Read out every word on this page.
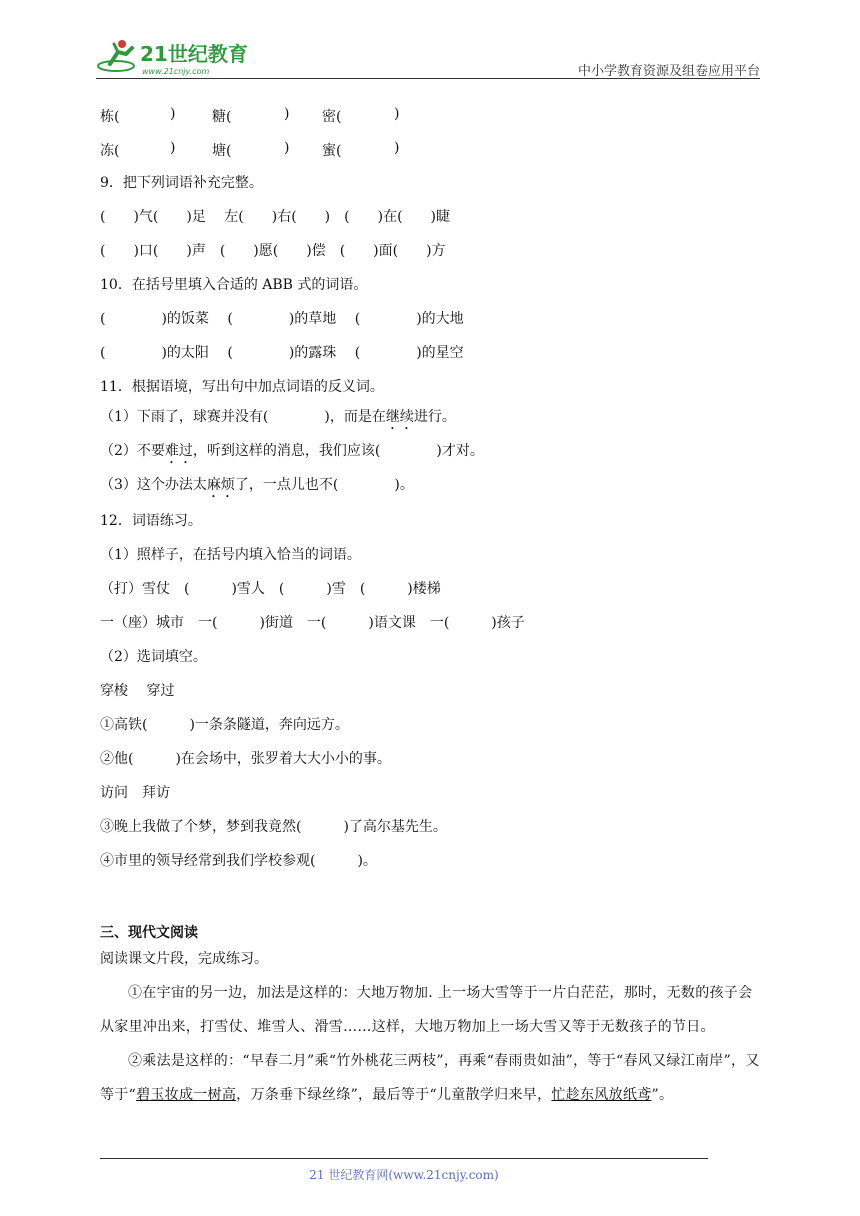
21世纪教育
www.21cnjy.com	中小学教育资源及组卷应用平台
栋(	)	糖(	) 密(	)
冻(	)	塘(	) 蜜(	)
9．把下列词语补充完整。
(　　)气(　　)足　 左(　　)右(　　)　(　　)在(　　)睫
(　　)口(　　)声　(　　)愿(　　)偿　(　　)面(　　)方
10．在括号里填入合适的 ABB 式的词语。
(　　　　)的饭菜　 (　　　　)的草地　 (　　　　)的大地
(　　　　)的太阳　 (　　　　)的露珠　 (　　　　)的星空
11．根据语境，写出句中加点词语的反义词。
（1）下雨了，球赛并没有(　　　　)，而是在继续进行。
（2）不要难过，听到这样的消息，我们应该(　　　　)才对。
（3）这个办法太麻烦了，一点儿也不(　　　　)。
12．词语练习。
（1）照样子，在括号内填入恰当的词语。
（打）雪仗　(　　　)雪人　(　　　)雪　(　　　)楼梯
一（座）城市　一(　　　)街道　一(　　　)语文课　一(　　　)孩子
（2）选词填空。
穿梭　 穿过
①高铁(　　　)一条条隧道，奔向远方。
②他(　　　)在会场中，张罗着大大小小的事。
访问　拜访
③晚上我做了个梦，梦到我竟然(　　　)了高尔基先生。
④市里的领导经常到我们学校参观(　　　)。
三、现代文阅读
阅读课文片段，完成练习。
①在宇宙的另一边，加法是这样的：大地万物加. 上一场大雪等于一片白茫茫，那时，无数的孩子会从家里冲出来，打雪仗、堆雪人、滑雪……这样，大地万物加上一场大雪又等于无数孩子的节日。
②乘法是这样的：“早春二月”乘“竹外桃花三两枝”，再乘“春雨贵如油”，等于“春风又绿江南岸”，又等于“碧玉妆成一树高，万条垂下绿丝绦”，最后等于“儿童散学归来早，忙趁东风放纸鸢”。
21 世纪教育网(www.21cnjy.com)
